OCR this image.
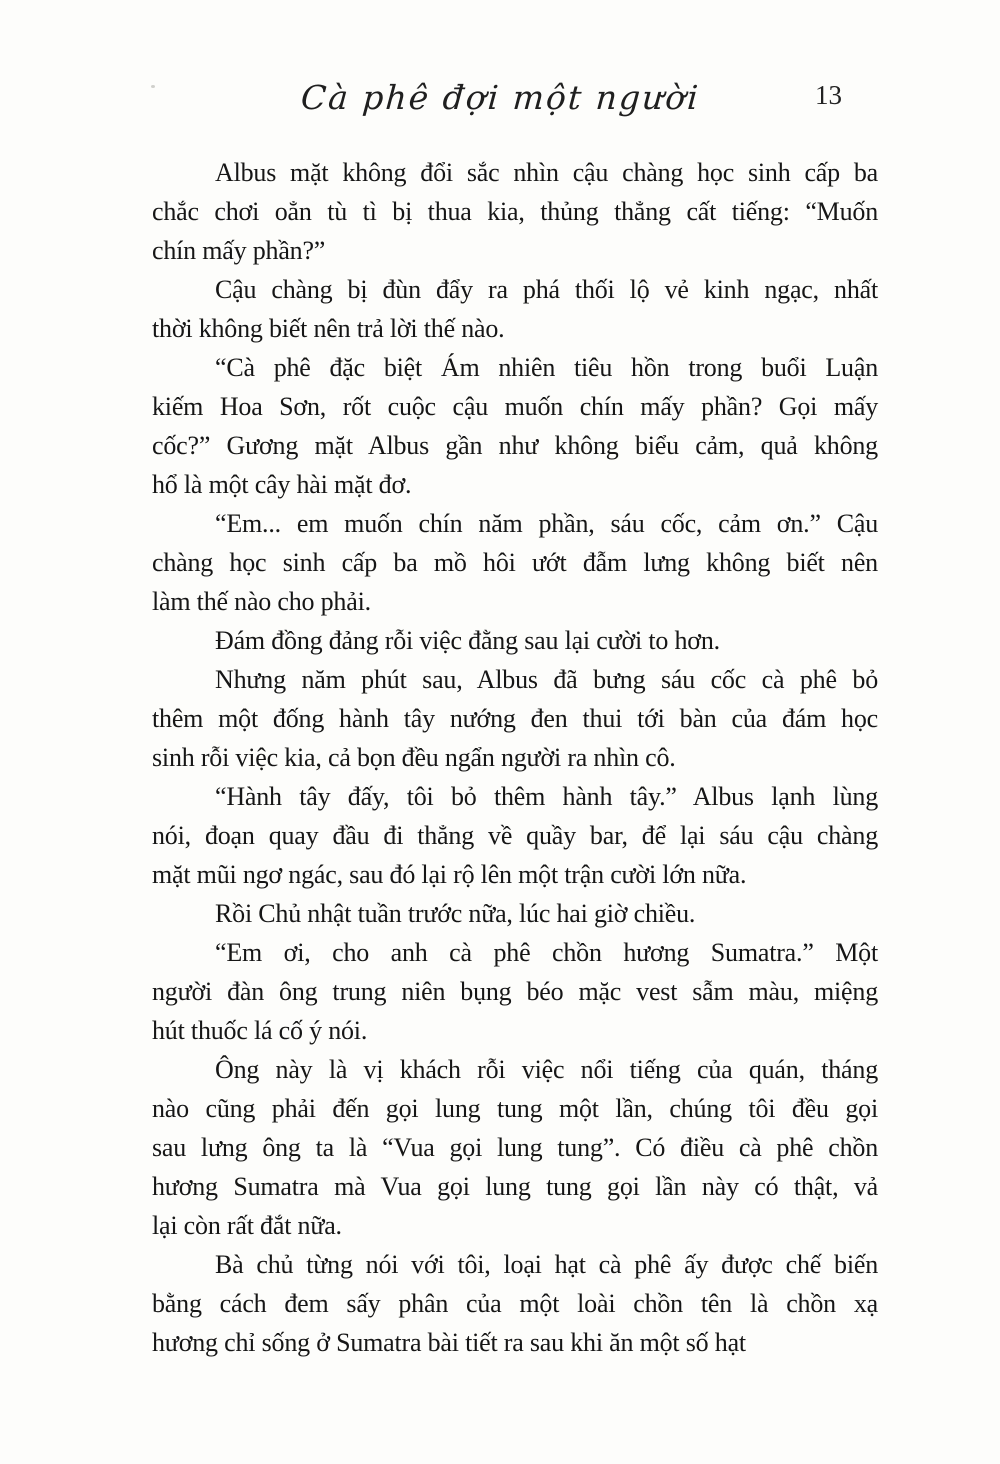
Cà phê đợi một người	13
Albus mặt không đổi sắc nhìn cậu chàng học sinh cấp ba
chắc chơi oẳn tù tì bị thua kia, thủng thẳng cất tiếng: “Muốn
chín mấy phần?”
Cậu chàng bị đùn đẩy ra phá thối lộ vẻ kinh ngạc, nhất
thời không biết nên trả lời thế nào.
“Cà phê đặc biệt Ám nhiên tiêu hồn trong buổi Luận
kiếm Hoa Sơn, rốt cuộc cậu muốn chín mấy phần? Gọi mấy
cốc?” Gương mặt Albus gần như không biểu cảm, quả không
hổ là một cây hài mặt đơ.
“Em... em muốn chín năm phần, sáu cốc, cảm ơn.” Cậu
chàng học sinh cấp ba mồ hôi ướt đẫm lưng không biết nên
làm thế nào cho phải.
Đám đồng đảng rỗi việc đằng sau lại cười to hơn.
Nhưng năm phút sau, Albus đã bưng sáu cốc cà phê bỏ
thêm một đống hành tây nướng đen thui tới bàn của đám học
sinh rỗi việc kia, cả bọn đều ngẩn người ra nhìn cô.
“Hành tây đấy, tôi bỏ thêm hành tây.” Albus lạnh lùng
nói, đoạn quay đầu đi thẳng về quầy bar, để lại sáu cậu chàng
mặt mũi ngơ ngác, sau đó lại rộ lên một trận cười lớn nữa.
Rồi Chủ nhật tuần trước nữa, lúc hai giờ chiều.
“Em ơi, cho anh cà phê chồn hương Sumatra.” Một
người đàn ông trung niên bụng béo mặc vest sẫm màu, miệng
hút thuốc lá cố ý nói.
Ông này là vị khách rỗi việc nổi tiếng của quán, tháng
nào cũng phải đến gọi lung tung một lần, chúng tôi đều gọi
sau lưng ông ta là “Vua gọi lung tung”. Có điều cà phê chồn
hương Sumatra mà Vua gọi lung tung gọi lần này có thật, vả
lại còn rất đắt nữa.
Bà chủ từng nói với tôi, loại hạt cà phê ấy được chế biến
bằng cách đem sấy phân của một loài chồn tên là chồn xạ
hương chỉ sống ở Sumatra bài tiết ra sau khi ăn một số hạt
